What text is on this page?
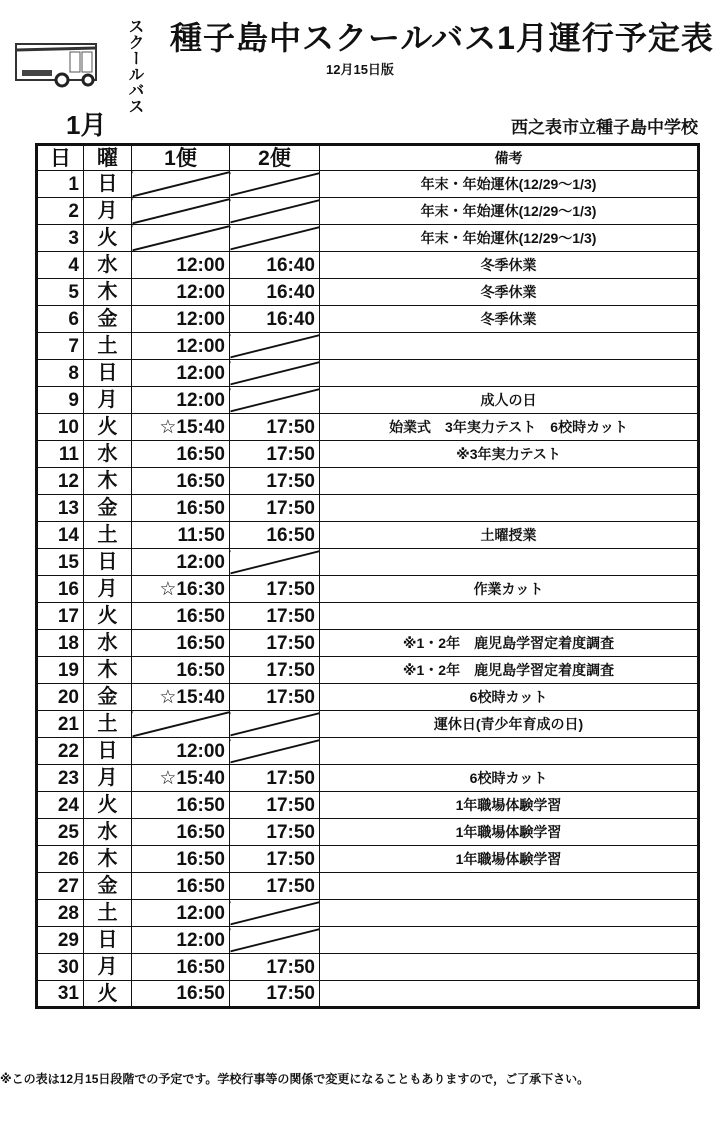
スクールバス 種子島中スクールバス1月運行予定表
12月15日版
1月	西之表市立種子島中学校
日	曜	1便	2便	備考
1	日			年末・年始運休(12/29～1/3)
2	月			年末・年始運休(12/29～1/3)
3	火			年末・年始運休(12/29～1/3)
4	水	12:00	16:40	冬季休業
5	木	12:00	16:40	冬季休業
6	金	12:00	16:40	冬季休業
7	土	12:00		
8	日	12:00		
9	月	12:00		成人の日
10	火	☆15:40	17:50	始業式　3年実力テスト　6校時カット
11	水	16:50	17:50	※3年実力テスト
12	木	16:50	17:50	
13	金	16:50	17:50	
14	土	11:50	16:50	土曜授業
15	日	12:00		
16	月	☆16:30	17:50	作業カット
17	火	16:50	17:50	
18	水	16:50	17:50	※1・2年　鹿児島学習定着度調査
19	木	16:50	17:50	※1・2年　鹿児島学習定着度調査
20	金	☆15:40	17:50	6校時カット
21	土			運休日(青少年育成の日)
22	日	12:00		
23	月	☆15:40	17:50	6校時カット
24	火	16:50	17:50	1年職場体験学習
25	水	16:50	17:50	1年職場体験学習
26	木	16:50	17:50	1年職場体験学習
27	金	16:50	17:50	
28	土	12:00		
29	日	12:00		
30	月	16:50	17:50	
31	火	16:50	17:50	
※この表は12月15日段階での予定です。学校行事等の関係で変更になることもありますので，ご了承下さい。
